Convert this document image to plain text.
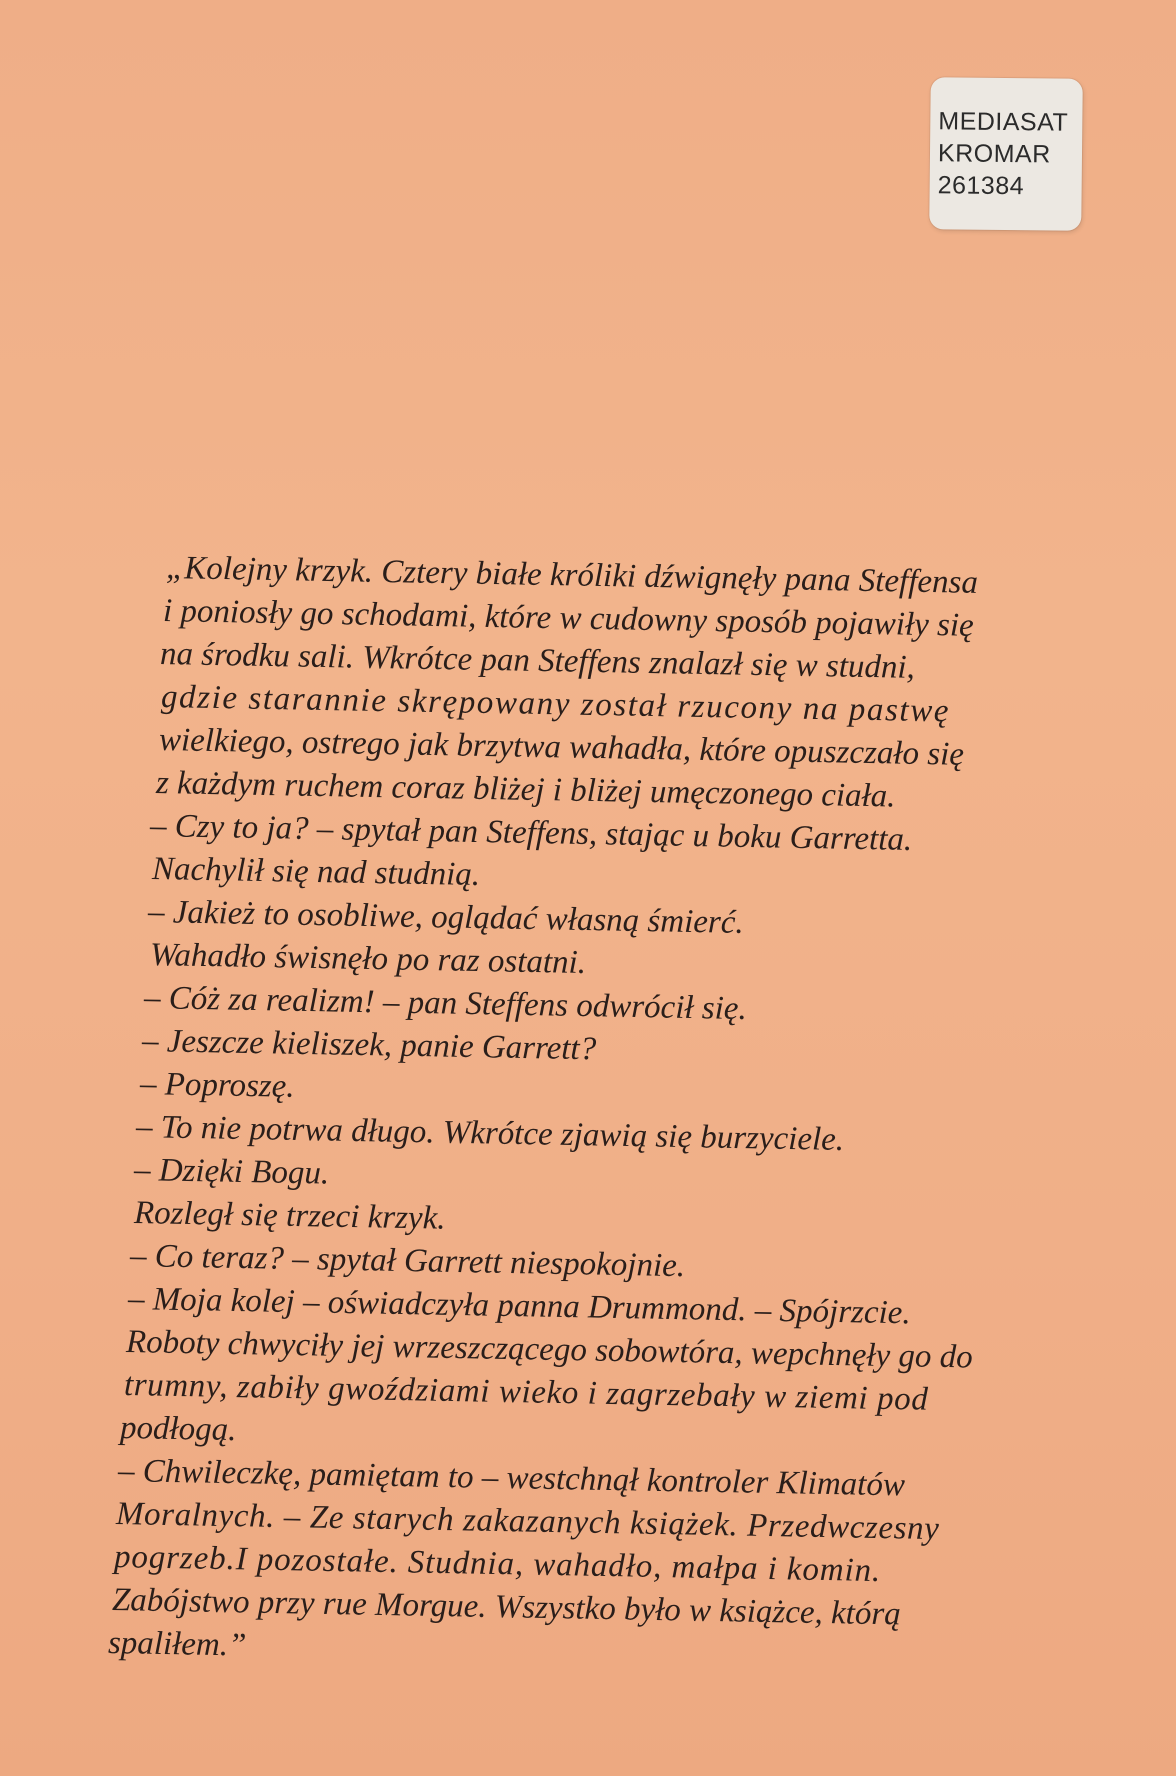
MEDIASAT
KROMAR
261384
„Kolejny krzyk. Cztery białe króliki dźwignęły pana Steffensa
i poniosły go schodami, które w cudowny sposób pojawiły się
na środku sali. Wkrótce pan Steffens znalazł się w studni,
gdzie starannie skrępowany został rzucony na pastwę
wielkiego, ostrego jak brzytwa wahadła, które opuszczało się
z każdym ruchem coraz bliżej i bliżej umęczonego ciała.
– Czy to ja? – spytał pan Steffens, stając u boku Garretta.
Nachylił się nad studnią.
– Jakież to osobliwe, oglądać własną śmierć.
Wahadło świsnęło po raz ostatni.
– Cóż za realizm! – pan Steffens odwrócił się.
– Jeszcze kieliszek, panie Garrett?
– Poproszę.
– To nie potrwa długo. Wkrótce zjawią się burzyciele.
– Dzięki Bogu.
Rozległ się trzeci krzyk.
– Co teraz? – spytał Garrett niespokojnie.
– Moja kolej – oświadczyła panna Drummond. – Spójrzcie.
Roboty chwyciły jej wrzeszczącego sobowtóra, wepchnęły go do
trumny, zabiły gwoździami wieko i zagrzebały w ziemi pod
podłogą.
– Chwileczkę, pamiętam to – westchnął kontroler Klimatów
Moralnych. – Ze starych zakazanych książek. Przedwczesny
pogrzeb.I pozostałe. Studnia, wahadło, małpa i komin.
Zabójstwo przy rue Morgue. Wszystko było w książce, którą
spaliłem.”
